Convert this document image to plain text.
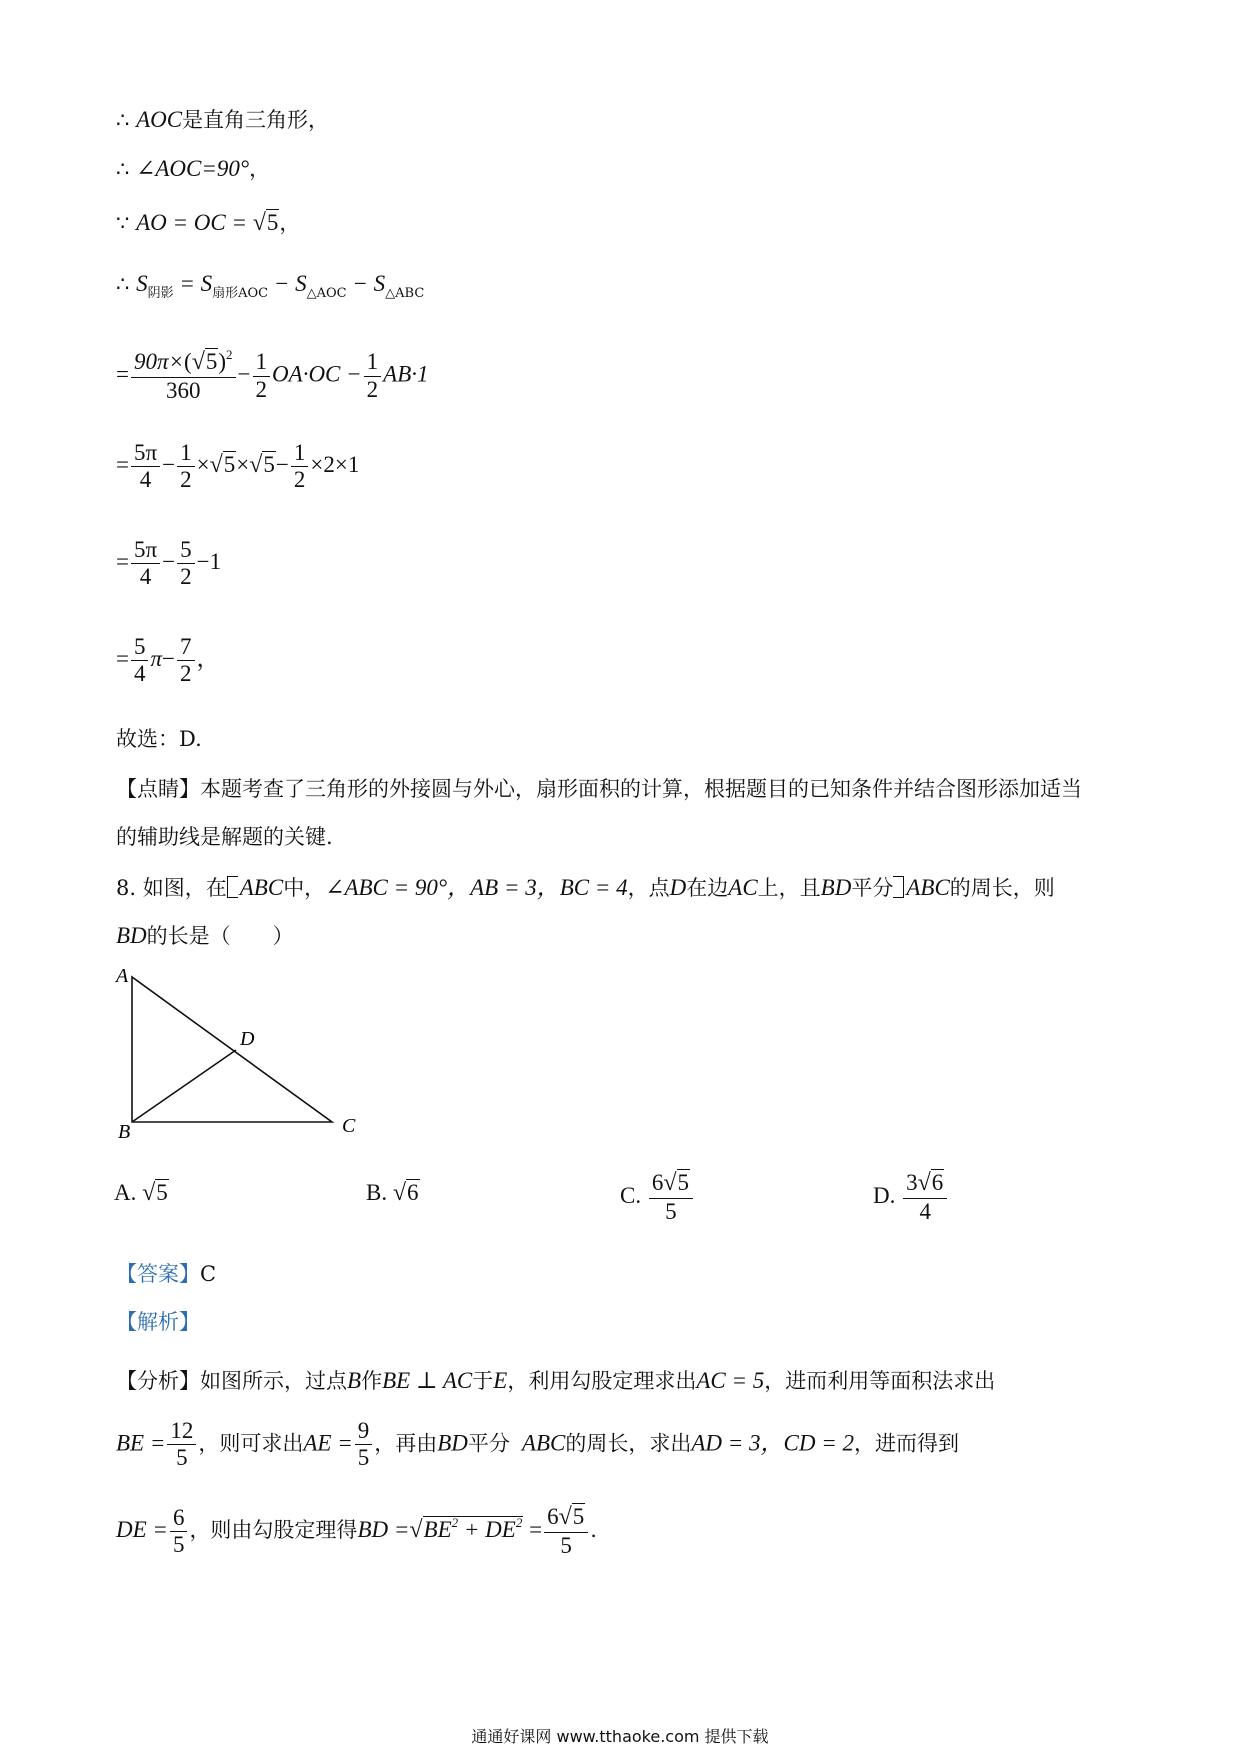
∴ AOC是直角三角形，
∴ ∠AOC=90°，
∵ AO = OC = √5，
∴ $S_{阴影} = S_{扇形AOC} - S_{\triangle AOC} - S_{\triangle ABC}$
= $\frac{90\pi\times(√5)^2}{360} - \frac{1}{2} OA\cdot OC - \frac{1}{2} AB\cdot 1$
= $\frac{5\pi}{4} - \frac{1}{2} \times√5\times√5- \frac{1}{2} \times 2\times 1$
= $\frac{5\pi}{4} - \frac{5}{2} -1$
= $\frac{5}{4} \pi- \frac{7}{2}$ ，
故选：D.
【点睛】本题考查了三角形的外接圆与外心，扇形面积的计算，根据题目的已知条件并结合图形添加适当
的辅助线是解题的关键.
8. 如图，在 ABC中，∠ABC = 90°，AB = 3，BC = 4，点D在边AC上，且BD平分 ABC的周长，则
BD的长是（　　）
A
B	C
D
A. √5	B. √6	C. $\frac{6√5}{5}$	D. $\frac{3√6}{4}$
【答案】C
【解析】
【分析】如图所示，过点B作BE ⊥ AC于E，利用勾股定理求出AC = 5，进而利用等面积法求出
BE = $\frac{12}{5}$ ，则可求出AE = $\frac{9}{5}$ ，再由BD平分 ABC的周长，求出AD = 3，CD = 2，进而得到
DE = $\frac{6}{5}$ ，则由勾股定理得BD $=√BE^2 + DE^2 = \frac{6√5}{5}$ .
通通好课网 www.tthaoke.com 提供下载
